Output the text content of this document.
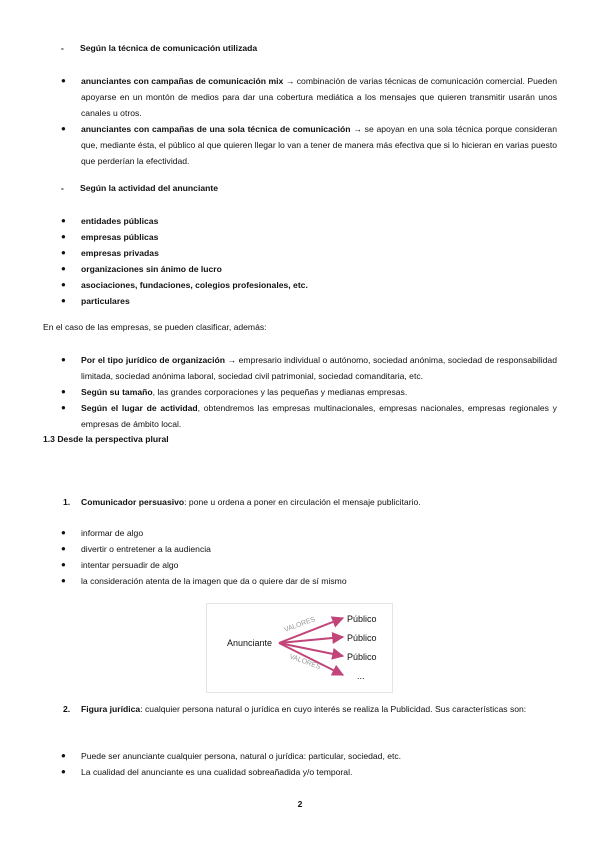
- Según la técnica de comunicación utilizada
● anunciantes con campañas de comunicación mix → combinación de varias técnicas de comunicación comercial. Pueden apoyarse en un montón de medios para dar una cobertura mediática a los mensajes que quieren transmitir usarán unos canales u otros.
● anunciantes con campañas de una sola técnica de comunicación → se apoyan en una sola técnica porque consideran que, mediante ésta, el público al que quieren llegar lo van a tener de manera más efectiva que si lo hicieran en varias puesto que perderían la efectividad.
- Según la actividad del anunciante
● entidades públicas
● empresas públicas
● empresas privadas
● organizaciones sin ánimo de lucro
● asociaciones, fundaciones, colegios profesionales, etc.
● particulares
En el caso de las empresas, se pueden clasificar, además:
● Por el tipo jurídico de organización → empresario individual o autónomo, sociedad anónima, sociedad de responsabilidad limitada, sociedad anónima laboral, sociedad civil patrimonial, sociedad comanditaria, etc.
● Según su tamaño, las grandes corporaciones y las pequeñas y medianas empresas.
● Según el lugar de actividad, obtendremos las empresas multinacionales, empresas nacionales, empresas regionales y empresas de ámbito local.
1.3 Desde la perspectiva plural
1. Comunicador persuasivo: pone u ordena a poner en circulación el mensaje publicitario.
● informar de algo
● divertir o entretener a la audiencia
● intentar persuadir de algo
● la consideración atenta de la imagen que da o quiere dar de sí mismo
Anunciante
VALORES
VALORES
Público
Público
Público
...
2. Figura jurídica: cualquier persona natural o jurídica en cuyo interés se realiza la Publicidad. Sus características son:
● Puede ser anunciante cualquier persona, natural o jurídica: particular, sociedad, etc.
● La cualidad del anunciante es una cualidad sobreañadida y/o temporal.
2
